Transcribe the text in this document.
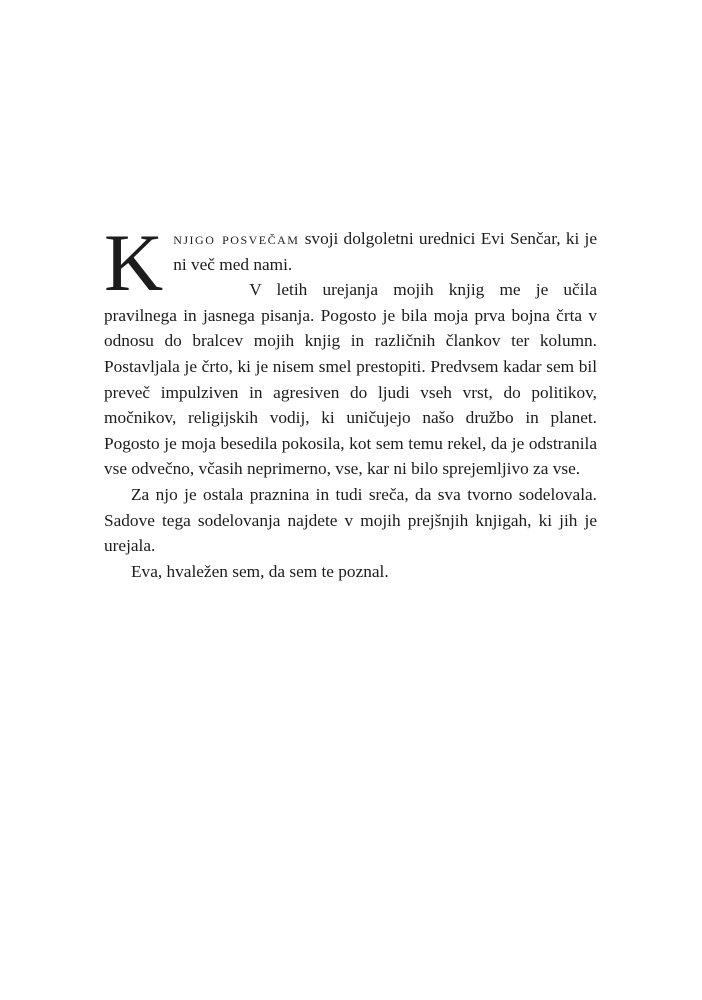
Knjigo posvečam svoji dolgoletni urednici Evi Senčar, ki je ni več med nami.

V letih urejanja mojih knjig me je učila pravilnega in jasnega pisanja. Pogosto je bila moja prva bojna črta v odnosu do bralcev mojih knjig in različnih člankov ter kolumn. Postavljala je črto, ki je nisem smel prestopiti. Predvsem kadar sem bil preveč impulziven in agresiven do ljudi vseh vrst, do politikov, močnikov, religijskih vodij, ki uničujejo našo družbo in planet. Pogosto je moja besedila pokosila, kot sem temu rekel, da je odstranila vse odvečno, včasih neprimerno, vse, kar ni bilo sprejemljivo za vse.

Za njo je ostala praznina in tudi sreča, da sva tvorno sodelovala. Sadove tega sodelovanja najdete v mojih prejšnjih knjigah, ki jih je urejala.

Eva, hvaležen sem, da sem te poznal.
